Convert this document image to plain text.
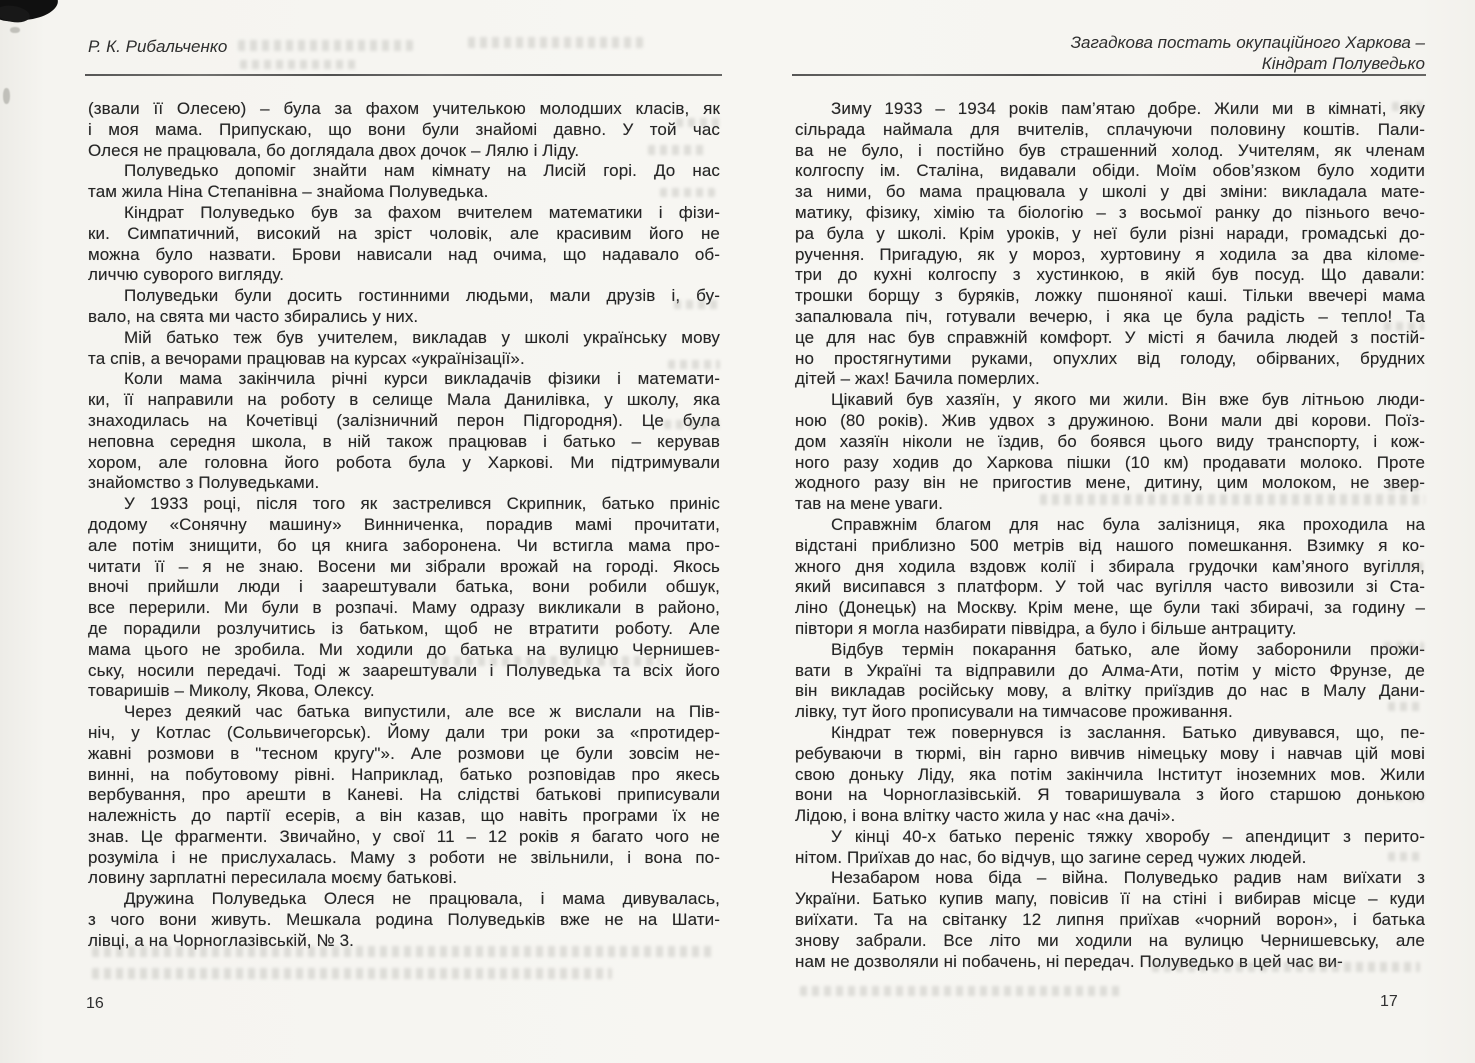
Р. К. Рибальченко
(звали її Олесею) – була за фахом учителькою молодших класів, як
і моя мама. Припускаю, що вони були знайомі давно. У той час
Олеся не працювала, бо доглядала двох дочок – Лялю і Ліду.
Полуведько допоміг знайти нам кімнату на Лисій горі. До нас
там жила Ніна Степанівна – знайома Полуведька.
Кіндрат Полуведько був за фахом вчителем математики і фізи-
ки. Симпатичний, високий на зріст чоловік, але красивим його не
можна було назвати. Брови нависали над очима, що надавало об-
личчю суворого вигляду.
Полуведьки були досить гостинними людьми, мали друзів і, бу-
вало, на свята ми часто збирались у них.
Мій батько теж був учителем, викладав у школі українську мову
та спів, а вечорами працював на курсах «українізації».
Коли мама закінчила річні курси викладачів фізики і математи-
ки, її направили на роботу в селище Мала Данилівка, у школу, яка
знаходилась на Кочетівці (залізничний перон Підгородня). Це була
неповна середня школа, в ній також працював і батько – керував
хором, але головна його робота була у Харкові. Ми підтримували
знайомство з Полуведьками.
У 1933 році, після того як застрелився Скрипник, батько приніс
додому «Сонячну машину» Винниченка, порадив мамі прочитати,
але потім знищити, бо ця книга заборонена. Чи встигла мама про-
читати її – я не знаю. Восени ми зібрали врожай на городі. Якось
вночі прийшли люди і заарештували батька, вони робили обшук,
все перерили. Ми були в розпачі. Маму одразу викликали в районо,
де порадили розлучитись із батьком, щоб не втратити роботу. Але
мама цього не зробила. Ми ходили до батька на вулицю Чернишев-
ську, носили передачі. Тоді ж заарештували і Полуведька та всіх його
товаришів – Миколу, Якова, Олексу.
Через деякий час батька випустили, але все ж вислали на Пів-
ніч, у Котлас (Сольвичегорськ). Йому дали три роки за «протидер-
жавні розмови в "тесном кругу"». Але розмови це були зовсім не-
винні, на побутовому рівні. Наприклад, батько розповідав про якесь
вербування, про арешти в Каневі. На слідстві батькові приписували
належність до партії есерів, а він казав, що навіть програми їх не
знав. Це фрагменти. Звичайно, у свої 11 – 12 років я багато чого не
розуміла і не прислухалась. Маму з роботи не звільнили, і вона по-
ловину зарплатні пересилала моєму батькові.
Дружина Полуведька Олеся не працювала, і мама дивувалась,
з чого вони живуть. Мешкала родина Полуведьків вже не на Шати-
лівці, а на Чорноглазівській, № 3.
16
Загадкова постать окупаційного Харкова –
Кіндрат Полуведько
Зиму 1933 – 1934 років пам’ятаю добре. Жили ми в кімнаті, яку
сільрада наймала для вчителів, сплачуючи половину коштів. Пали-
ва не було, і постійно був страшенний холод. Учителям, як членам
колгоспу ім. Сталіна, видавали обіди. Моїм обов’язком було ходити
за ними, бо мама працювала у школі у дві зміни: викладала мате-
матику, фізику, хімію та біологію – з восьмої ранку до пізнього вечо-
ра була у школі. Крім уроків, у неї були різні наради, громадські до-
ручення. Пригадую, як у мороз, хуртовину я ходила за два кіломе-
три до кухні колгоспу з хустинкою, в якій був посуд. Що давали:
трошки борщу з буряків, ложку пшоняної каші. Тільки ввечері мама
запалювала піч, готували вечерю, і яка це була радість – тепло! Та
це для нас був справжній комфорт. У місті я бачила людей з постій-
но простягнутими руками, опухлих від голоду, обірваних, брудних
дітей – жах! Бачила померлих.
Цікавий був хазяїн, у якого ми жили. Він вже був літньою люди-
ною (80 років). Жив удвох з дружиною. Вони мали дві корови. Поїз-
дом хазяїн ніколи не їздив, бо боявся цього виду транспорту, і кож-
ного разу ходив до Харкова пішки (10 км) продавати молоко. Проте
жодного разу він не пригостив мене, дитину, цим молоком, не звер-
тав на мене уваги.
Справжнім благом для нас була залізниця, яка проходила на
відстані приблизно 500 метрів від нашого помешкання. Взимку я ко-
жного дня ходила вздовж колії і збирала грудочки кам’яного вугілля,
який висипався з платформ. У той час вугілля часто вивозили зі Ста-
ліно (Донецьк) на Москву. Крім мене, ще були такі збирачі, за годину –
півтори я могла назбирати піввідра, а було і більше антрациту.
Відбув термін покарання батько, але йому заборонили прожи-
вати в Україні та відправили до Алма-Ати, потім у місто Фрунзе, де
він викладав російську мову, а влітку приїздив до нас в Малу Дани-
лівку, тут його прописували на тимчасове проживання.
Кіндрат теж повернувся із заслання. Батько дивувався, що, пе-
ребуваючи в тюрмі, він гарно вивчив німецьку мову і навчав цій мові
свою доньку Ліду, яка потім закінчила Інститут іноземних мов. Жили
вони на Чорноглазівській. Я товаришувала з його старшою донькою
Лідою, і вона влітку часто жила у нас «на дачі».
У кінці 40-х батько переніс тяжку хворобу – апендицит з перито-
нітом. Приїхав до нас, бо відчув, що загине серед чужих людей.
Незабаром нова біда – війна. Полуведько радив нам виїхати з
України. Батько купив мапу, повісив її на стіні і вибирав місце – куди
виїхати. Та на світанку 12 липня приїхав «чорний ворон», і батька
знову забрали. Все літо ми ходили на вулицю Чернишевську, але
нам не дозволяли ні побачень, ні передач. Полуведько в цей час ви-
17
